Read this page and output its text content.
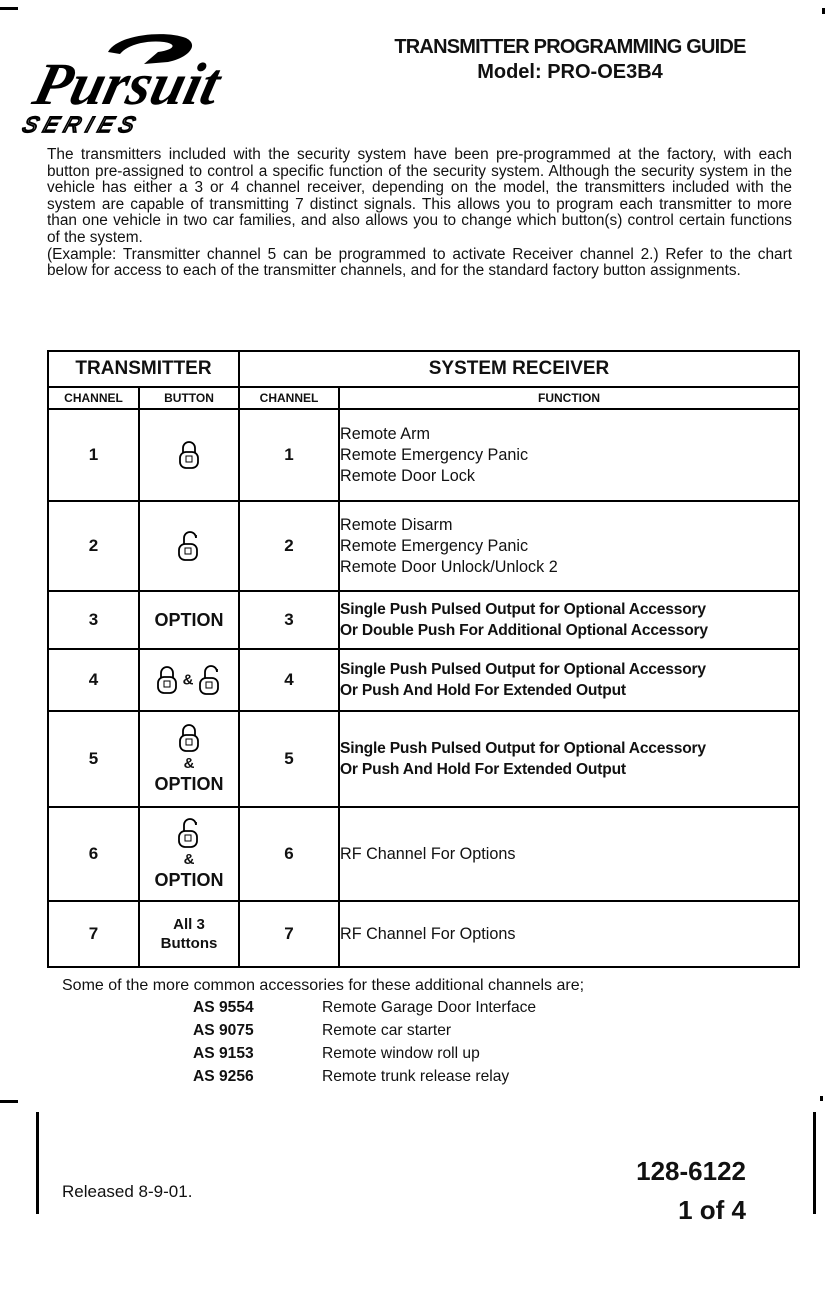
Pursuit
SERIES
TRANSMITTER PROGRAMMING GUIDE
Model: PRO-OE3B4

The transmitters included with the security system have been pre-programmed at the factory, with each button pre-assigned to control a specific function of the security system. Although the security system in the vehicle has either a 3 or 4 channel receiver, depending on the model, the transmitters included with the system are capable of transmitting 7 distinct signals. This allows you to program each transmitter to more than one vehicle in two car families, and also allows you to change which button(s) control certain functions of the system.

(Example: Transmitter channel 5 can be programmed to activate Receiver channel 2.) Refer to the chart below for access to each of the transmitter channels, and for the standard factory button assignments.

TRANSMITTER		SYSTEM RECEIVER	
CHANNEL	BUTTON	CHANNEL	FUNCTION
1		1	Remote Arm
Remote Emergency Panic
Remote Door Lock

2		2	Remote Disarm
Remote Emergency Panic
Remote Door Unlock/Unlock 2

3	OPTION	3	Single Push Pulsed Output for Optional Accessory
Or Double Push For Additional Optional Accessory

4	&	4	Single Push Pulsed Output for Optional Accessory
Or Push And Hold For Extended Output

5	&
OPTION	5	Single Push Pulsed Output for Optional Accessory
Or Push And Hold For Extended Output

6	&
OPTION	6	RF Channel For Options

7	All 3
Buttons	7	RF Channel For Options
Some of the more common accessories for these additional channels are;
AS 9554	Remote Garage Door Interface
AS 9075	Remote car starter
AS 9153	Remote window roll up
AS 9256	Remote trunk release relay
Released 8-9-01.
128-6122
1 of 4
